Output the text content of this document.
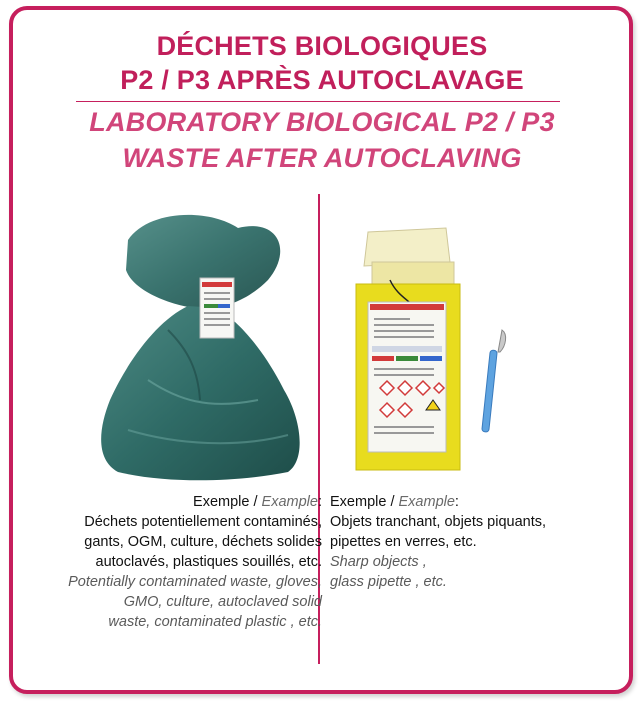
DÉCHETS BIOLOGIQUES
P2 / P3 APRÈS AUTOCLAVAGE
LABORATORY BIOLOGICAL P2 / P3
WASTE AFTER AUTOCLAVING
Exemple / Example:
Déchets potentiellement contaminés,
gants, OGM, culture, déchets solides
autoclavés, plastiques souillés, etc.
Potentially contaminated waste, gloves,
GMO, culture, autoclaved solid
waste, contaminated plastic , etc.
Exemple / Example:
Objets tranchant, objets piquants,
pipettes en verres, etc.
Sharp objects ,
glass pipette , etc.
